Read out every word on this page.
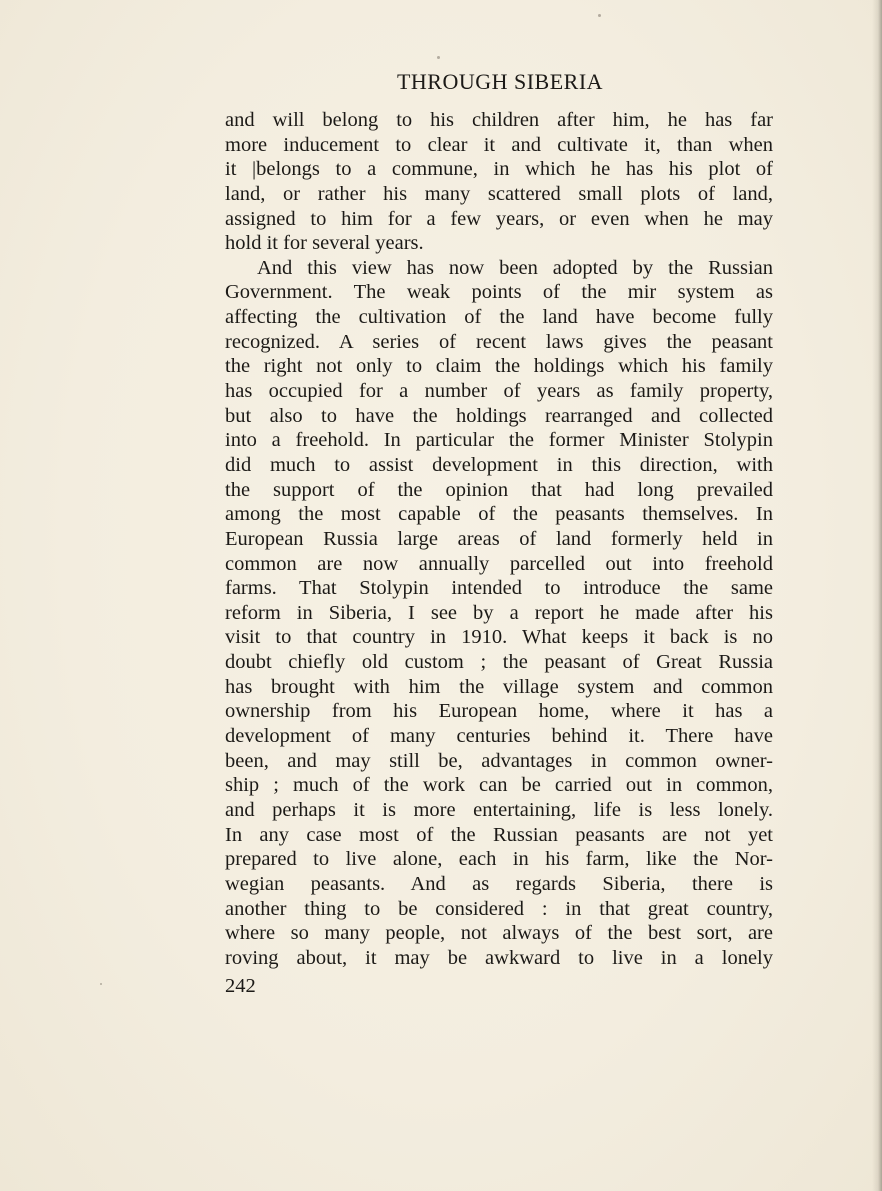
THROUGH SIBERIA
and will belong to his children after him, he has far
more inducement to clear it and cultivate it, than when
it |belongs to a commune, in which he has his plot of
land, or rather his many scattered small plots of land,
assigned to him for a few years, or even when he may
hold it for several years.
And this view has now been adopted by the Russian
Government. The weak points of the mir system as
affecting the cultivation of the land have become fully
recognized. A series of recent laws gives the peasant
the right not only to claim the holdings which his family
has occupied for a number of years as family property,
but also to have the holdings rearranged and collected
into a freehold. In particular the former Minister Stolypin
did much to assist development in this direction, with
the support of the opinion that had long prevailed
among the most capable of the peasants themselves. In
European Russia large areas of land formerly held in
common are now annually parcelled out into freehold
farms. That Stolypin intended to introduce the same
reform in Siberia, I see by a report he made after his
visit to that country in 1910. What keeps it back is no
doubt chiefly old custom ; the peasant of Great Russia
has brought with him the village system and common
ownership from his European home, where it has a
development of many centuries behind it. There have
been, and may still be, advantages in common owner-
ship ; much of the work can be carried out in common,
and perhaps it is more entertaining, life is less lonely.
In any case most of the Russian peasants are not yet
prepared to live alone, each in his farm, like the Nor-
wegian peasants. And as regards Siberia, there is
another thing to be considered : in that great country,
where so many people, not always of the best sort, are
roving about, it may be awkward to live in a lonely
242
